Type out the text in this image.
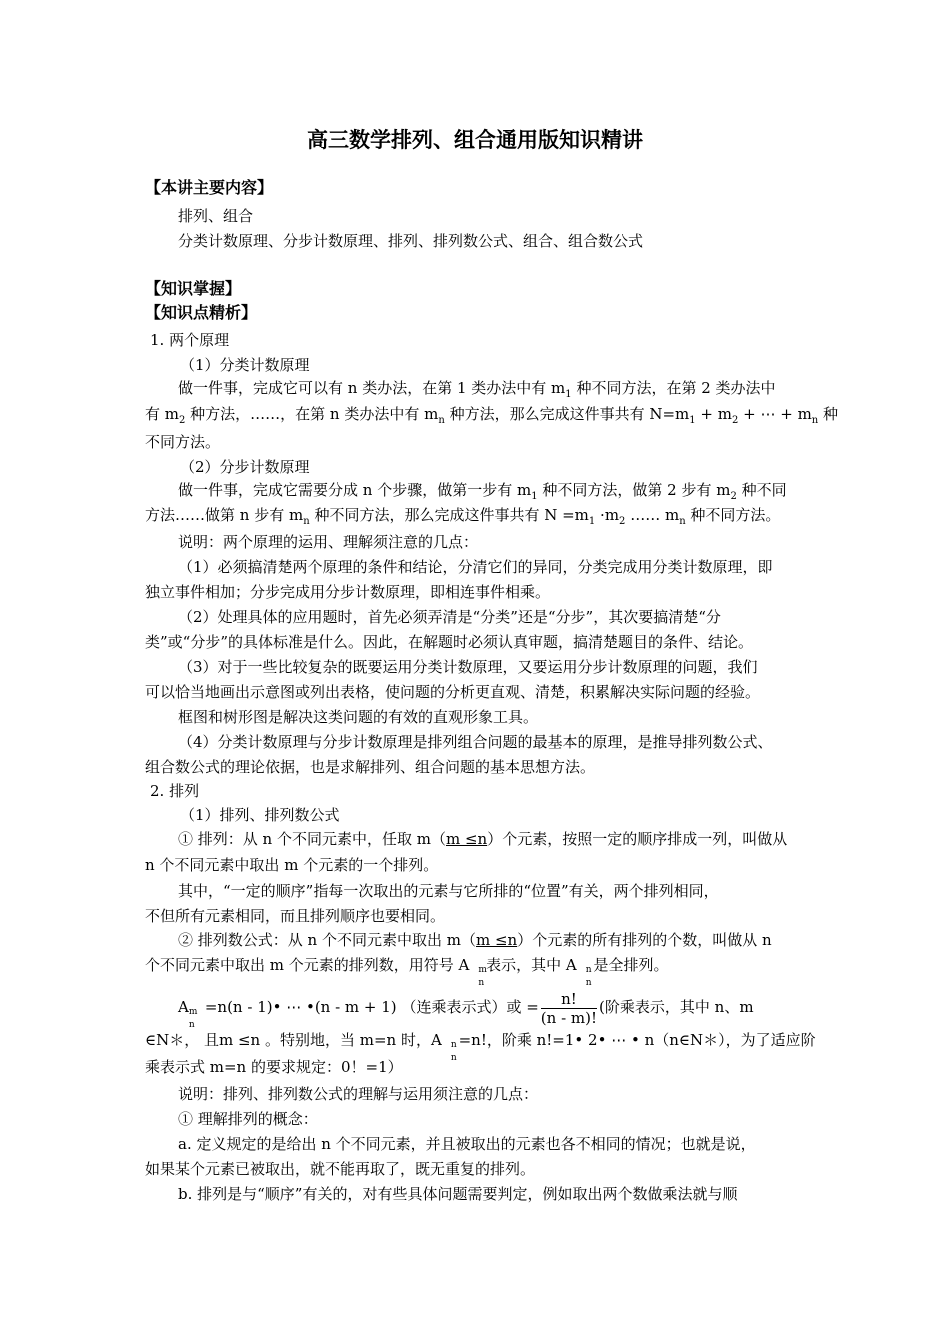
高三数学排列、组合通用版知识精讲
【本讲主要内容】
排列、组合
分类计数原理、分步计数原理、排列、排列数公式、组合、组合数公式
【知识掌握】
【知识点精析】
1. 两个原理
（1）分类计数原理
做一件事，完成它可以有 n 类办法，在第 1 类办法中有 $m_1$ 种不同方法，在第 2 类办法中
有 $m_2$ 种方法，……，在第 n 类办法中有 $m_n$ 种方法，那么完成这件事共有 $N=m_1 + m_2$ + ⋯ + $m_n$ 种
不同方法。
（2）分步计数原理
做一件事，完成它需要分成 n 个步骤，做第一步有 $m_1$ 种不同方法，做第 2 步有 $m_2$ 种不同
方法……做第 n 步有 $m_n$ 种不同方法，那么完成这件事共有 $N =m_1 \cdot m_2$ …… $m_n$ 种不同方法。
说明：两个原理的运用、理解须注意的几点：
（1）必须搞清楚两个原理的条件和结论，分清它们的异同，分类完成用分类计数原理，即
独立事件相加；分步完成用分步计数原理，即相连事件相乘。
（2）处理具体的应用题时，首先必须弄清是“分类”还是“分步”，其次要搞清楚“分
类”或“分步”的具体标准是什么。因此，在解题时必须认真审题，搞清楚题目的条件、结论。
（3）对于一些比较复杂的既要运用分类计数原理，又要运用分步计数原理的问题，我们
可以恰当地画出示意图或列出表格，使问题的分析更直观、清楚，积累解决实际问题的经验。
框图和树形图是解决这类问题的有效的直观形象工具。
（4）分类计数原理与分步计数原理是排列组合问题的最基本的原理，是推导排列数公式、
组合数公式的理论依据，也是求解排列、组合问题的基本思想方法。
2. 排列
（1）排列、排列数公式
① 排列：从 n 个不同元素中，任取 m（m ≤n）个元素，按照一定的顺序排成一列，叫做从
n 个不同元素中取出 m 个元素的一个排列。
其中，“一定的顺序”指每一次取出的元素与它所排的“位置”有关，两个排列相同，
不但所有元素相同，而且排列顺序也要相同。
② 排列数公式：从 n 个不同元素中取出 m（m ≤n）个元素的所有排列的个数，叫做从 n
个不同元素中取出 m 个元素的排列数，用符号 A m
n
表示，其中 A n
n
是全排列。
A m
n
=n(n - 1)• ⋯ •(n - m + 1) （连乘表示式）或 = $\frac{n!}{(n - m)!}$ (阶乘表示，其中 n、m
∈N＊， 且m ≤n 。特别地，当 m=n 时，A n
n
=n!，阶乘 n!=1• 2• ⋯ • n（n∈N＊），为了适应阶
乘表示式 m=n 的要求规定：0！=1）
说明：排列、排列数公式的理解与运用须注意的几点：
① 理解排列的概念：
a. 定义规定的是给出 n 个不同元素，并且被取出的元素也各不相同的情况；也就是说，
如果某个元素已被取出，就不能再取了，既无重复的排列。
b. 排列是与“顺序”有关的，对有些具体问题需要判定，例如取出两个数做乘法就与顺
